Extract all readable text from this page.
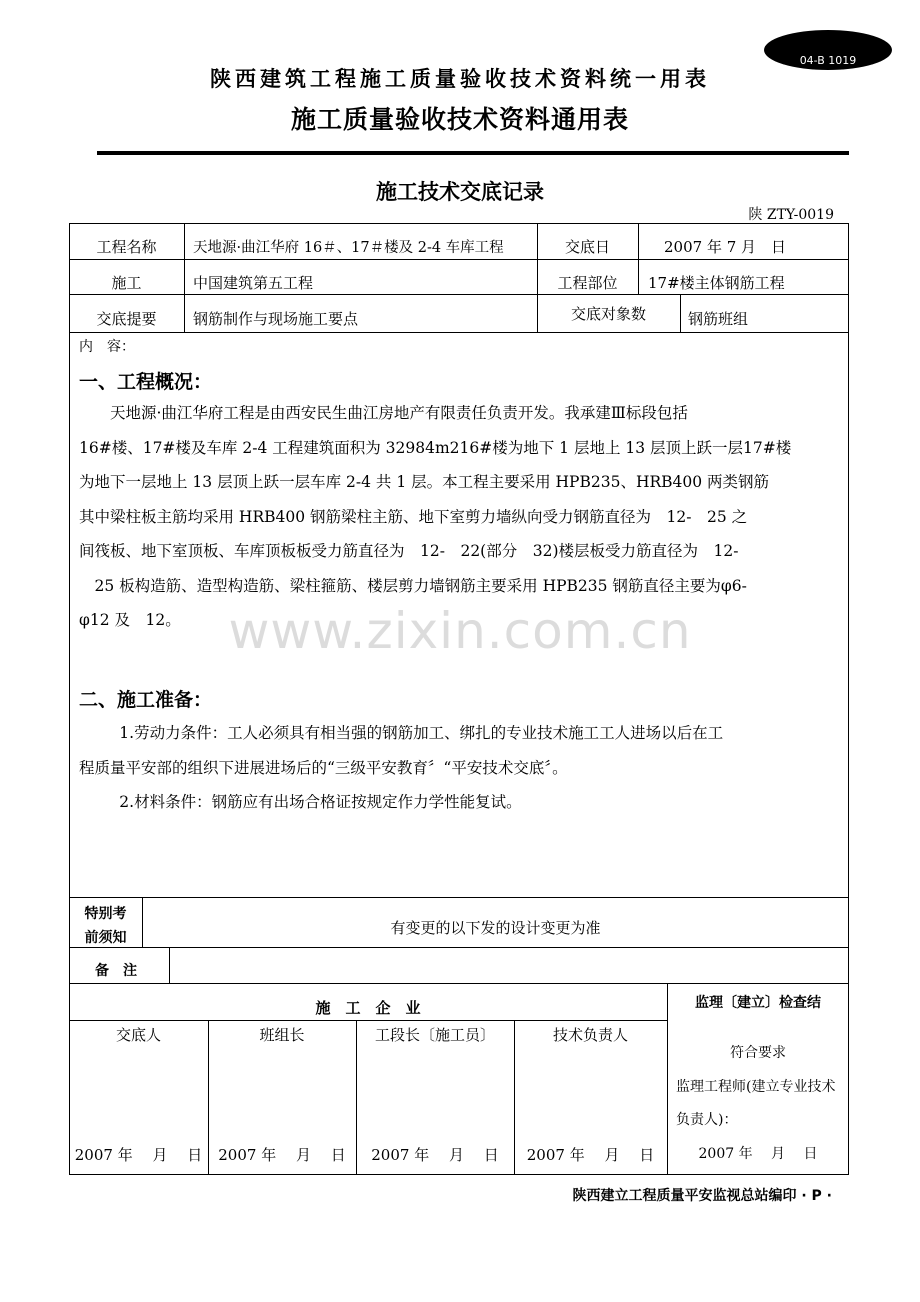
04-B 1019
陕西建筑工程施工质量验收技术资料统一用表
施工质量验收技术资料通用表
施工技术交底记录
陕 ZTY-0019
工程名称	天地源·曲江华府 16＃、17＃楼及 2-4 车库工程	交底日	2007 年 7 月　日
施工	中国建筑第五工程	工程部位	17#楼主体钢筋工程
交底提要	钢筋制作与现场施工要点	交底对象数	钢筋班组
内　容：
一、工程概况：
www.zixin.com.cn
天地源·曲江华府工程是由西安民生曲江房地产有限责任负责开发。我承建Ⅲ标段包括
16#楼、17#楼及车库 2-4 工程建筑面积为 32984m216#楼为地下 1 层地上 13 层顶上跃一层17#楼
为地下一层地上 13 层顶上跃一层车库 2-4 共 1 层。本工程主要采用 HPB235、HRB400 两类钢筋
其中梁柱板主筋均采用 HRB400 钢筋梁柱主筋、地下室剪力墙纵向受力钢筋直径为　12-　25 之
间筏板、地下室顶板、车库顶板板受力筋直径为　12-　22(部分　32)楼层板受力筋直径为　12-
　25 板构造筋、造型构造筋、梁柱箍筋、楼层剪力墙钢筋主要采用 HPB235 钢筋直径主要为φ6-
φ12 及　12。
二、施工准备：
1.劳动力条件：工人必须具有相当强的钢筋加工、绑扎的专业技术施工工人进场以后在工
程质量平安部的组织下进展进场后的“三级平安教育〞“平安技术交底〞。
2.材料条件：钢筋应有出场合格证按规定作力学性能复试。
特别考
前须知
有变更的以下发的设计变更为准
备　注
施　工　企　业	监理〔建立〕检查结
交底人	班组长	工段长〔施工员〕	技术负责人
2007 年　 月　 日	2007 年　 月　 日	2007 年　 月　 日	2007 年　 月　 日
符合要求
监理工程师(建立专业技术
负责人)：
2007 年　 月　 日
陕西建立工程质量平安监视总站编印 · P ·
